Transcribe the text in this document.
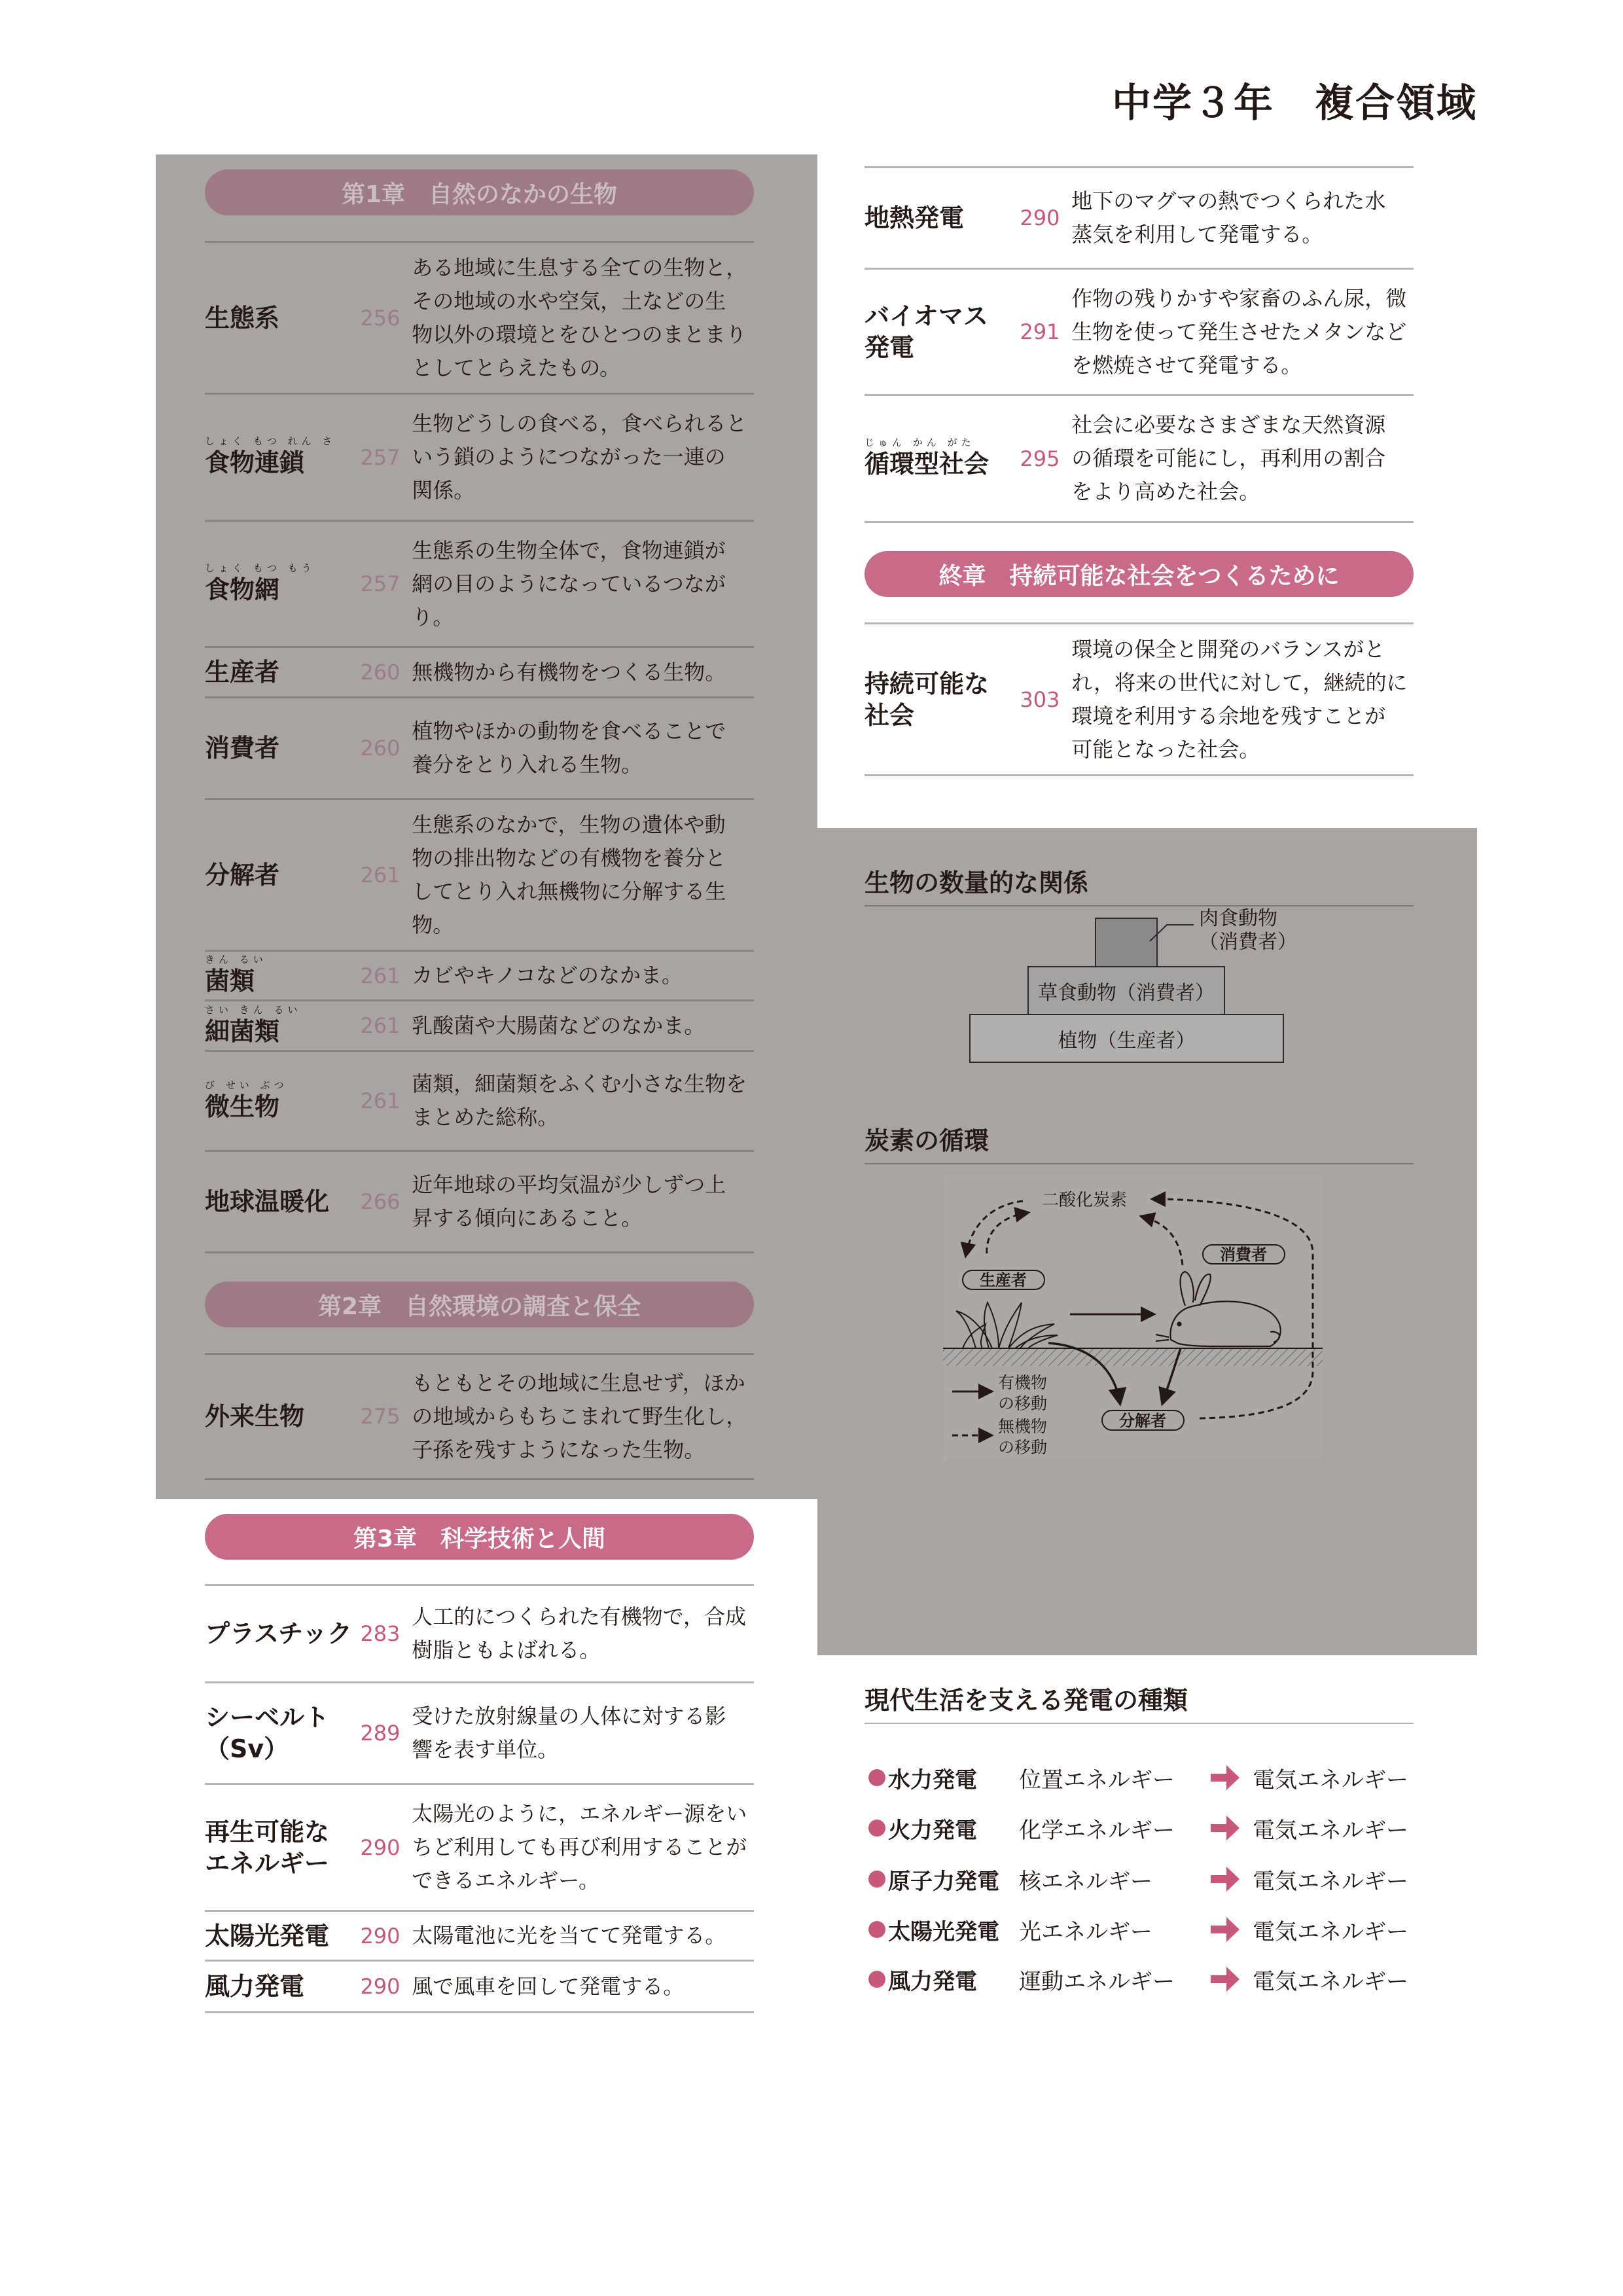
中学３年　複合領域
第1章　自然のなかの生物
生態系	256
ある地域に生息する全ての生物と，
その地域の水や空気，土などの生
物以外の環境とをひとつのまとまり
としてとらえたもの。
しょく もつ れん さ
食物連鎖	257
生物どうしの食べる，食べられると
いう鎖のようにつながった一連の
関係。
しょく もつ もう
食物網	257
生態系の生物全体で，食物連鎖が
網の目のようになっているつなが
り。
生産者	260 無機物から有機物をつくる生物。
消費者	260
植物やほかの動物を食べることで
養分をとり入れる生物。
分解者	261
生態系のなかで，生物の遺体や動
物の排出物などの有機物を養分と
してとり入れ無機物に分解する生
物。
きん るい
菌類	261 カビやキノコなどのなかま。
さい きん るい
細菌類	261 乳酸菌や大腸菌などのなかま。
び せい ぶつ
微生物	261
菌類，細菌類をふくむ小さな生物を
まとめた総称。
地球温暖化	266
近年地球の平均気温が少しずつ上
昇する傾向にあること。
第2章　自然環境の調査と保全
外来生物	275
もともとその地域に生息せず，ほか
の地域からもちこまれて野生化し，
子孫を残すようになった生物。
第3章　科学技術と人間
プラスチック 283
人工的につくられた有機物で，合成
樹脂ともよばれる。
シーベルト
（Sv）
289
受けた放射線量の人体に対する影
響を表す単位。
再生可能な
エネルギー
290
太陽光のように，エネルギー源をい
ちど利用しても再び利用することが
できるエネルギー。
太陽光発電	290 太陽電池に光を当てて発電する。
風力発電	290 風で風車を回して発電する。
地熱発電	290
地下のマグマの熱でつくられた水
蒸気を利用して発電する。
バイオマス
発電
291
作物の残りかすや家畜のふん尿，微
生物を使って発生させたメタンなど
を燃焼させて発電する。
じゅん かん がた
循環型社会	295
社会に必要なさまざまな天然資源
の循環を可能にし，再利用の割合
をより高めた社会。
終章　持続可能な社会をつくるために
持続可能な
社会
303
環境の保全と開発のバランスがと
れ，将来の世代に対して，継続的に
環境を利用する余地を残すことが
可能となった社会。
生物の数量的な関係
草食動物（消費者）
植物（生産者）
肉食動物
（消費者）
炭素の循環
二酸化炭素
消費者
生産者
分解者
有機物
の移動
無機物
の移動
現代生活を支える発電の種類
水力発電	位置エネルギー	電気エネルギー
火力発電	化学エネルギー	電気エネルギー
原子力発電 核エネルギー	電気エネルギー
太陽光発電 光エネルギー	電気エネルギー
風力発電	運動エネルギー	電気エネルギー
